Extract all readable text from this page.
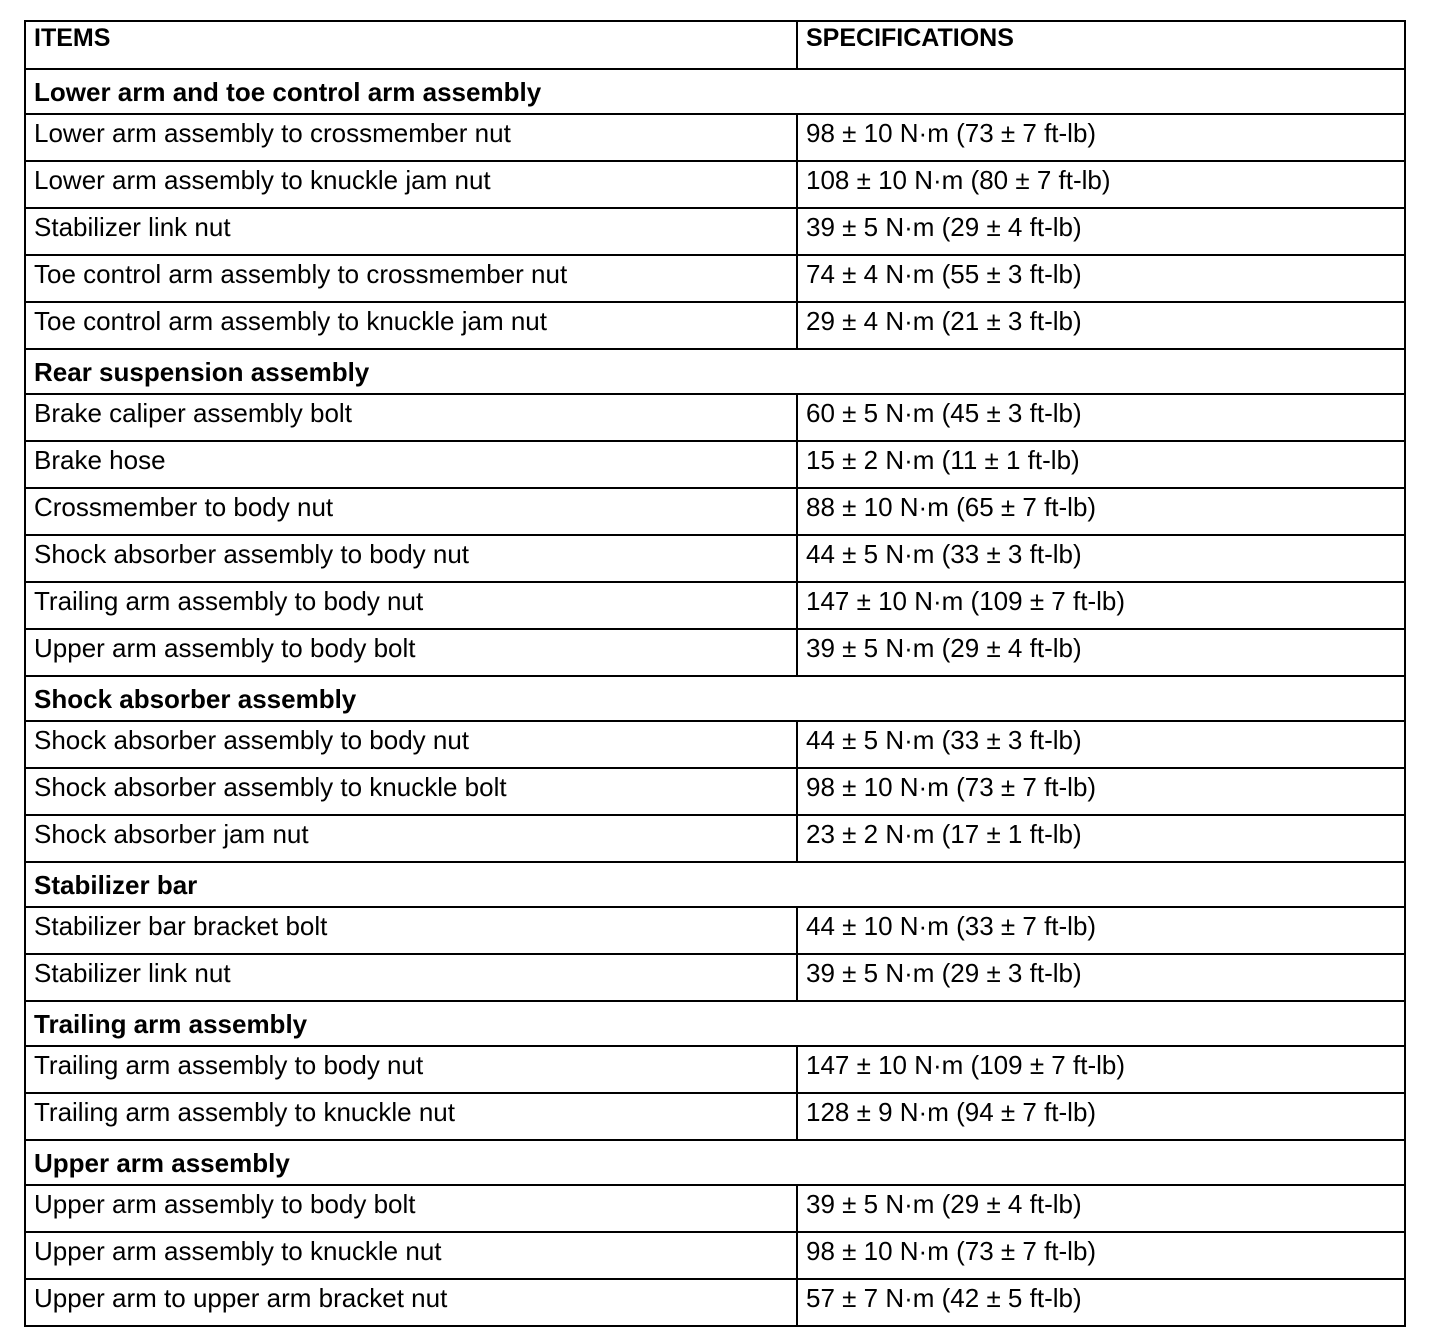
ITEMS	SPECIFICATIONS
Lower arm and toe control arm assembly	
Lower arm assembly to crossmember nut	98 ± 10 N·m (73 ± 7 ft-lb)
Lower arm assembly to knuckle jam nut	108 ± 10 N·m (80 ± 7 ft-lb)
Stabilizer link nut	39 ± 5 N·m (29 ± 4 ft-lb)
Toe control arm assembly to crossmember nut	74 ± 4 N·m (55 ± 3 ft-lb)
Toe control arm assembly to knuckle jam nut	29 ± 4 N·m (21 ± 3 ft-lb)
Rear suspension assembly	
Brake caliper assembly bolt	60 ± 5 N·m (45 ± 3 ft-lb)
Brake hose	15 ± 2 N·m (11 ± 1 ft-lb)
Crossmember to body nut	88 ± 10 N·m (65 ± 7 ft-lb)
Shock absorber assembly to body nut	44 ± 5 N·m (33 ± 3 ft-lb)
Trailing arm assembly to body nut	147 ± 10 N·m (109 ± 7 ft-lb)
Upper arm assembly to body bolt	39 ± 5 N·m (29 ± 4 ft-lb)
Shock absorber assembly	
Shock absorber assembly to body nut	44 ± 5 N·m (33 ± 3 ft-lb)
Shock absorber assembly to knuckle bolt	98 ± 10 N·m (73 ± 7 ft-lb)
Shock absorber jam nut	23 ± 2 N·m (17 ± 1 ft-lb)
Stabilizer bar	
Stabilizer bar bracket bolt	44 ± 10 N·m (33 ± 7 ft-lb)
Stabilizer link nut	39 ± 5 N·m (29 ± 3 ft-lb)
Trailing arm assembly	
Trailing arm assembly to body nut	147 ± 10 N·m (109 ± 7 ft-lb)
Trailing arm assembly to knuckle nut	128 ± 9 N·m (94 ± 7 ft-lb)
Upper arm assembly	
Upper arm assembly to body bolt	39 ± 5 N·m (29 ± 4 ft-lb)
Upper arm assembly to knuckle nut	98 ± 10 N·m (73 ± 7 ft-lb)
Upper arm to upper arm bracket nut	57 ± 7 N·m (42 ± 5 ft-lb)
